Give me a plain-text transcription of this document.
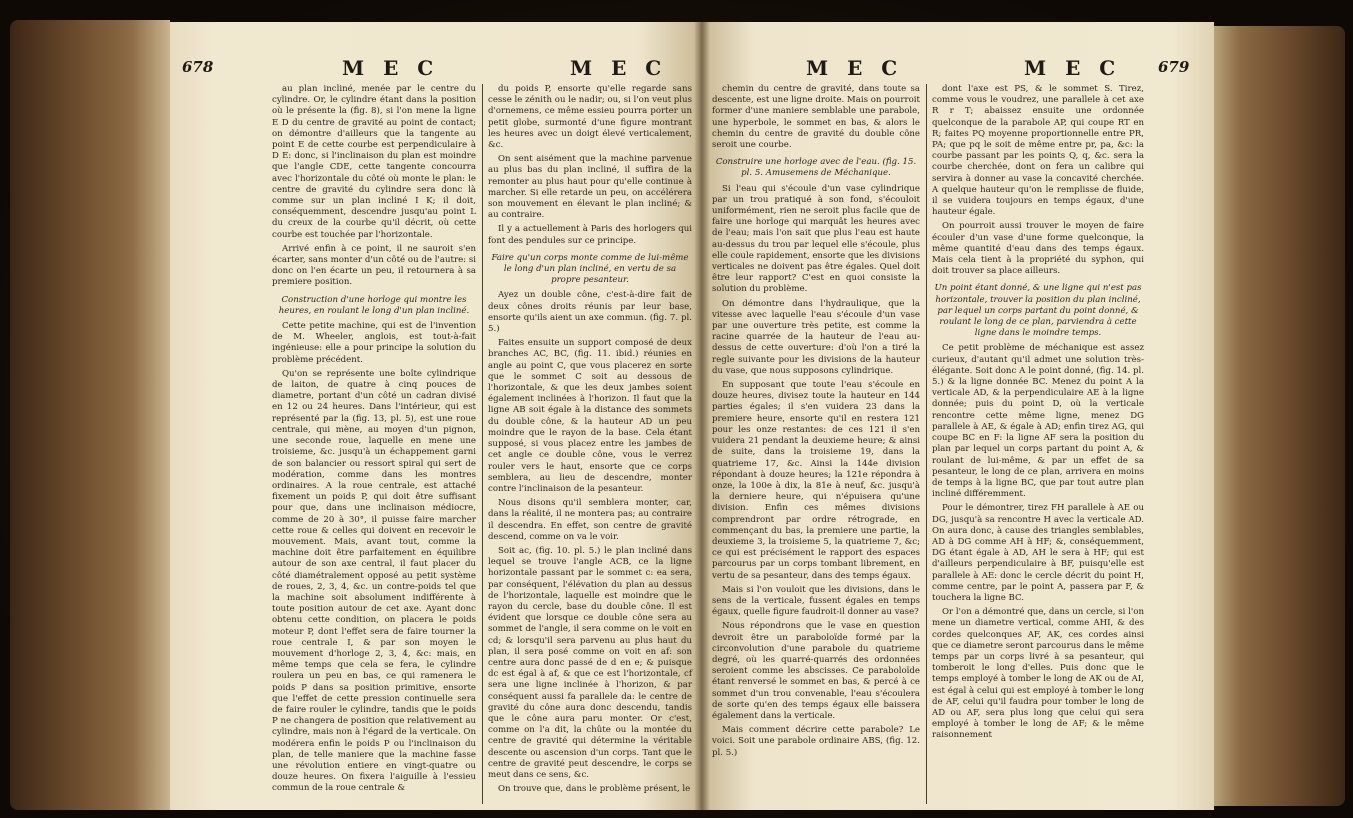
678	M E C	M E C

au plan incliné, menée par le centre du cylindre. Or, le cylindre étant dans la position où le présente la (fig. 8), si l'on mene la ligne E D du centre de gravité au point de contact; on démontre d'ailleurs que la tangente au point E de cette courbe est perpendiculaire à D E: donc, si l'inclinaison du plan est moindre que l'angle CDE, cette tangente concourra avec l'horizontale du côté où monte le plan: le centre de gravité du cylindre sera donc là comme sur un plan incliné I K; il doit, conséquemment, descendre jusqu'au point L du creux de la courbe qu'il décrit, où cette courbe est touchée par l'horizontale.

Arrivé enfin à ce point, il ne sauroit s'en écarter, sans monter d'un côté ou de l'autre: si donc on l'en écarte un peu, il retournera à sa premiere position.

Construction d'une horloge qui montre les heures, en roulant le long d'un plan incliné.

Cette petite machine, qui est de l'invention de M. Wheeler, anglois, est tout-à-fait ingénieuse: elle a pour principe la solution du problème précédent.

Qu'on se représente une boîte cylindrique de laiton, de quatre à cinq pouces de diametre, portant d'un côté un cadran divisé en 12 ou 24 heures. Dans l'intérieur, qui est représenté par la (fig. 13, pl. 5), est une roue centrale, qui mène, au moyen d'un pignon, une seconde roue, laquelle en mene une troisieme, &c. jusqu'à un échappement garni de son balancier ou ressort spiral qui sert de modération, comme dans les montres ordinaires. A la roue centrale, est attaché fixement un poids P, qui doit être suffisant pour que, dans une inclinaison médiocre, comme de 20 à 30°, il puisse faire marcher cette roue & celles qui doivent en recevoir le mouvement. Mais, avant tout, comme la machine doit être parfaitement en équilibre autour de son axe central, il faut placer du côté diamétralement opposé au petit système de roues, 2, 3, 4, &c. un contre-poids tel que la machine soit absolument indifférente à toute position autour de cet axe. Ayant donc obtenu cette condition, on placera le poids moteur P, dont l'effet sera de faire tourner la roue centrale I, & par son moyen le mouvement d'horloge 2, 3, 4, &c: mais, en même temps que cela se fera, le cylindre roulera un peu en bas, ce qui ramenera le poids P dans sa position primitive, ensorte que l'effet de cette pression continuelle sera de faire rouler le cylindre, tandis que le poids P ne changera de position que relativement au cylindre, mais non à l'égard de la verticale. On modérera enfin le poids P ou l'inclinaison du plan, de telle maniere que la machine fasse une révolution entiere en vingt-quatre ou douze heures. On fixera l'aiguille à l'essieu commun de la roue centrale &

du poids P, ensorte qu'elle regarde sans cesse le zénith ou le nadir; ou, si l'on veut plus d'ornemens, ce même essieu pourra porter un petit globe, surmonté d'une figure montrant les heures avec un doigt élevé verticalement, &c.

On sent aisément que la machine parvenue au plus bas du plan incliné, il suffira de la remonter au plus haut pour qu'elle continue à marcher. Si elle retarde un peu, on accélérera son mouvement en élevant le plan incliné; & au contraire.

Il y a actuellement à Paris des horlogers qui font des pendules sur ce principe.

Faire qu'un corps monte comme de lui-même le long d'un plan incliné, en vertu de sa propre pesanteur.

Ayez un double cône, c'est-à-dire fait de deux cônes droits réunis par leur base, ensorte qu'ils aient un axe commun. (fig. 7. pl. 5.)

Faites ensuite un support composé de deux branches AC, BC, (fig. 11. ibid.) réunies en angle au point C, que vous placerez en sorte que le sommet C soit au dessous de l'horizontale, & que les deux jambes soient également inclinées à l'horizon. Il faut que la ligne AB soit égale à la distance des sommets du double cône, & la hauteur AD un peu moindre que le rayon de la base. Cela étant supposé, si vous placez entre les jambes de cet angle ce double cône, vous le verrez rouler vers le haut, ensorte que ce corps semblera, au lieu de descendre, monter contre l'inclinaison de la pesanteur.

Nous disons qu'il semblera monter, car, dans la réalité, il ne montera pas; au contraire il descendra. En effet, son centre de gravité descend, comme on va le voir.

Soit ac, (fig. 10. pl. 5.) le plan incliné dans lequel se trouve l'angle ACB, ce la ligne horizontale passant par le sommet c: ea sera, par conséquent, l'élévation du plan au dessus de l'horizontale, laquelle est moindre que le rayon du cercle, base du double cône. Il est évident que lorsque ce double cône sera au sommet de l'angle, il sera comme on le voit en cd; & lorsqu'il sera parvenu au plus haut du plan, il sera posé comme on voit en af: son centre aura donc passé de d en e; & puisque dc est égal à af, & que ce est l'horizontale, cf sera une ligne inclinée à l'horizon, & par conséquent aussi fa parallele da: le centre de gravité du cône aura donc descendu, tandis que le cône aura paru monter. Or c'est, comme on l'a dit, la chûte ou la montée du centre de gravité qui détermine la véritable descente ou ascension d'un corps. Tant que le centre de gravité peut descendre, le corps se meut dans ce sens, &c.

On trouve que, dans le problème présent, le

M E C	M E C 679

chemin du centre de gravité, dans toute sa descente, est une ligne droite. Mais on pourroit former d'une maniere semblable une parabole, une hyperbole, le sommet en bas, & alors le chemin du centre de gravité du double cône seroit une courbe.

Construire une horloge avec de l'eau. (fig. 15. pl. 5. Amusemens de Méchanique.

Si l'eau qui s'écoule d'un vase cylindrique par un trou pratiqué à son fond, s'écouloit uniformément, rien ne seroit plus facile que de faire une horloge qui marquât les heures avec de l'eau; mais l'on sait que plus l'eau est haute au-dessus du trou par lequel elle s'écoule, plus elle coule rapidement, ensorte que les divisions verticales ne doivent pas être égales. Quel doit être leur rapport? C'est en quoi consiste la solution du problème.

On démontre dans l'hydraulique, que la vitesse avec laquelle l'eau s'écoule d'un vase par une ouverture très petite, est comme la racine quarrée de la hauteur de l'eau au-dessus de cette ouverture: d'où l'on a tiré la regle suivante pour les divisions de la hauteur du vase, que nous supposons cylindrique.

En supposant que toute l'eau s'écoule en douze heures, divisez toute la hauteur en 144 parties égales; il s'en vuidera 23 dans la premiere heure, ensorte qu'il en restera 121 pour les onze restantes: de ces 121 il s'en vuidera 21 pendant la deuxieme heure; & ainsi de suite, dans la troisieme 19, dans la quatrieme 17, &c. Ainsi la 144e division répondant à douze heures; la 121e répondra à onze, la 100e à dix, la 81e à neuf, &c. jusqu'à la derniere heure, qui n'épuisera qu'une division. Enfin ces mêmes divisions comprendront par ordre rétrograde, en commençant du bas, la premiere une partie, la deuxieme 3, la troisieme 5, la quatrieme 7, &c; ce qui est précisément le rapport des espaces parcourus par un corps tombant librement, en vertu de sa pesanteur, dans des temps égaux.

Mais si l'on vouloit que les divisions, dans le sens de la verticale, fussent égales en temps égaux, quelle figure faudroit-il donner au vase?

Nous répondrons que le vase en question devroit être un paraboloïde formé par la circonvolution d'une parabole du quatrieme degré, où les quarré-quarrés des ordonnées seroient comme les abscisses. Ce paraboloïde étant renversé le sommet en bas, & percé à ce sommet d'un trou convenable, l'eau s'écoulera de sorte qu'en des temps égaux elle baissera également dans la verticale.

Mais comment décrire cette parabole? Le voici. Soit une parabole ordinaire ABS, (fig. 12. pl. 5.)

dont l'axe est PS, & le sommet S. Tirez, comme vous le voudrez, une parallele à cet axe R r T; abaissez ensuite une ordonnée quelconque de la parabole AP, qui coupe RT en R; faites PQ moyenne proportionnelle entre PR, PA; que pq le soit de même entre pr, pa, &c: la courbe passant par les points Q, q, &c. sera la courbe cherchée, dont on fera un calibre qui servira à donner au vase la concavité cherchée. A quelque hauteur qu'on le remplisse de fluide, il se vuidera toujours en temps égaux, d'une hauteur égale.

On pourroit aussi trouver le moyen de faire écouler d'un vase d'une forme quelconque, la même quantité d'eau dans des temps égaux. Mais cela tient à la propriété du syphon, qui doit trouver sa place ailleurs.

Un point étant donné, & une ligne qui n'est pas horizontale, trouver la position du plan incliné, par lequel un corps partant du point donné, & roulant le long de ce plan, parviendra à cette ligne dans le moindre temps.

Ce petit problème de méchanique est assez curieux, d'autant qu'il admet une solution très-élégante. Soit donc A le point donné, (fig. 14. pl. 5.) & la ligne donnée BC. Menez du point A la verticale AD, & la perpendiculaire AE à la ligne donnée; puis du point D, où la verticale rencontre cette même ligne, menez DG parallele à AE, & égale à AD; enfin tirez AG, qui coupe BC en F: la ligne AF sera la position du plan par lequel un corps partant du point A, & roulant de lui-même, & par un effet de sa pesanteur, le long de ce plan, arrivera en moins de temps à la ligne BC, que par tout autre plan incliné différemment.

Pour le démontrer, tirez FH parallele à AE ou DG, jusqu'à sa rencontre H avec la verticale AD. On aura donc, à cause des triangles semblables, AD à DG comme AH à HF; &, conséquemment, DG étant égale à AD, AH le sera à HF; qui est d'ailleurs perpendiculaire à BF, puisqu'elle est parallele à AE: donc le cercle décrit du point H, comme centre, par le point A, passera par F, & touchera la ligne BC.

Or l'on a démontré que, dans un cercle, si l'on mene un diametre vertical, comme AHI, & des cordes quelconques AF, AK, ces cordes ainsi que ce diametre seront parcourus dans le même temps par un corps livré à sa pesanteur, qui tomberoit le long d'elles. Puis donc que le temps employé à tomber le long de AK ou de AI, est égal à celui qui est employé à tomber le long de AF, celui qu'il faudra pour tomber le long de AD ou AF, sera plus long que celui qui sera employé à tomber le long de AF; & le même raisonnement
